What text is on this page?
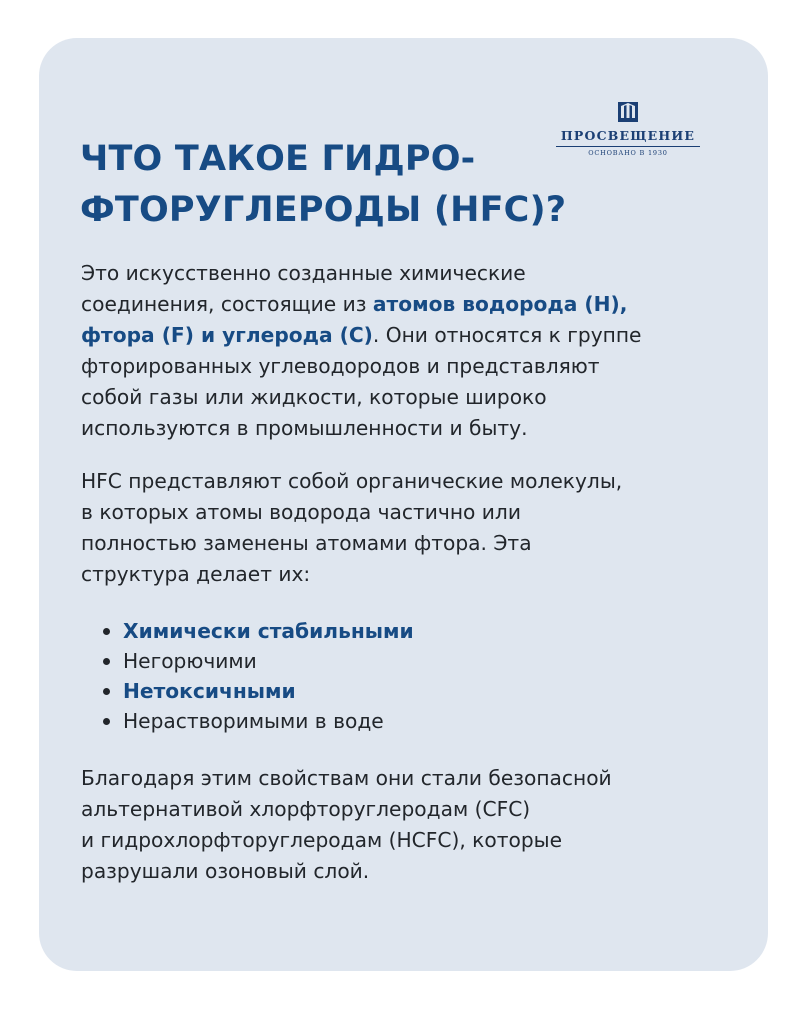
ПРОСВЕЩЕНИЕ
ОСНОВАНО В 1930
ЧТО ТАКОЕ ГИДРО-
ФТОРУГЛЕРОДЫ (HFC)?

Это искусственно созданные химические
соединения, состоящие из атомов водорода (H),
фтора (F) и углерода (C). Они относятся к группе
фторированных углеводородов и представляют
собой газы или жидкости, которые широко
используются в промышленности и быту.

HFC представляют собой органические молекулы,
в которых атомы водорода частично или
полностью заменены атомами фтора. Эта
структура делает их:

Химически стабильными
Негорючими
Нетоксичными
Нерастворимыми в воде

Благодаря этим свойствам они стали безопасной
альтернативой хлорфторуглеродам (CFC)
и гидрохлорфторуглеродам (HCFC), которые
разрушали озоновый слой.
